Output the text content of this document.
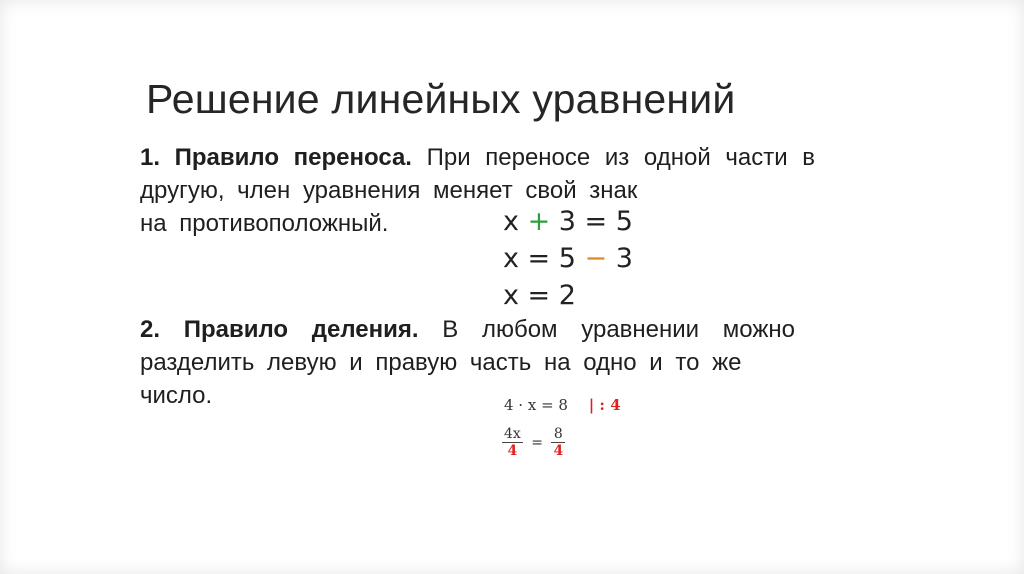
Решение линейных уравнений
1. Правило переноса. При переносе из одной части в другую, член уравнения меняет свой знак
на противоположный.	x + 3 = 5
x = 5 − 3
x = 2
2. Правило деления. В любом уравнении можно разделить левую и правую часть на одно и то же
число.	4 · x = 8 | : 4
$\frac{4x}{4} = \frac{8}{4}$
